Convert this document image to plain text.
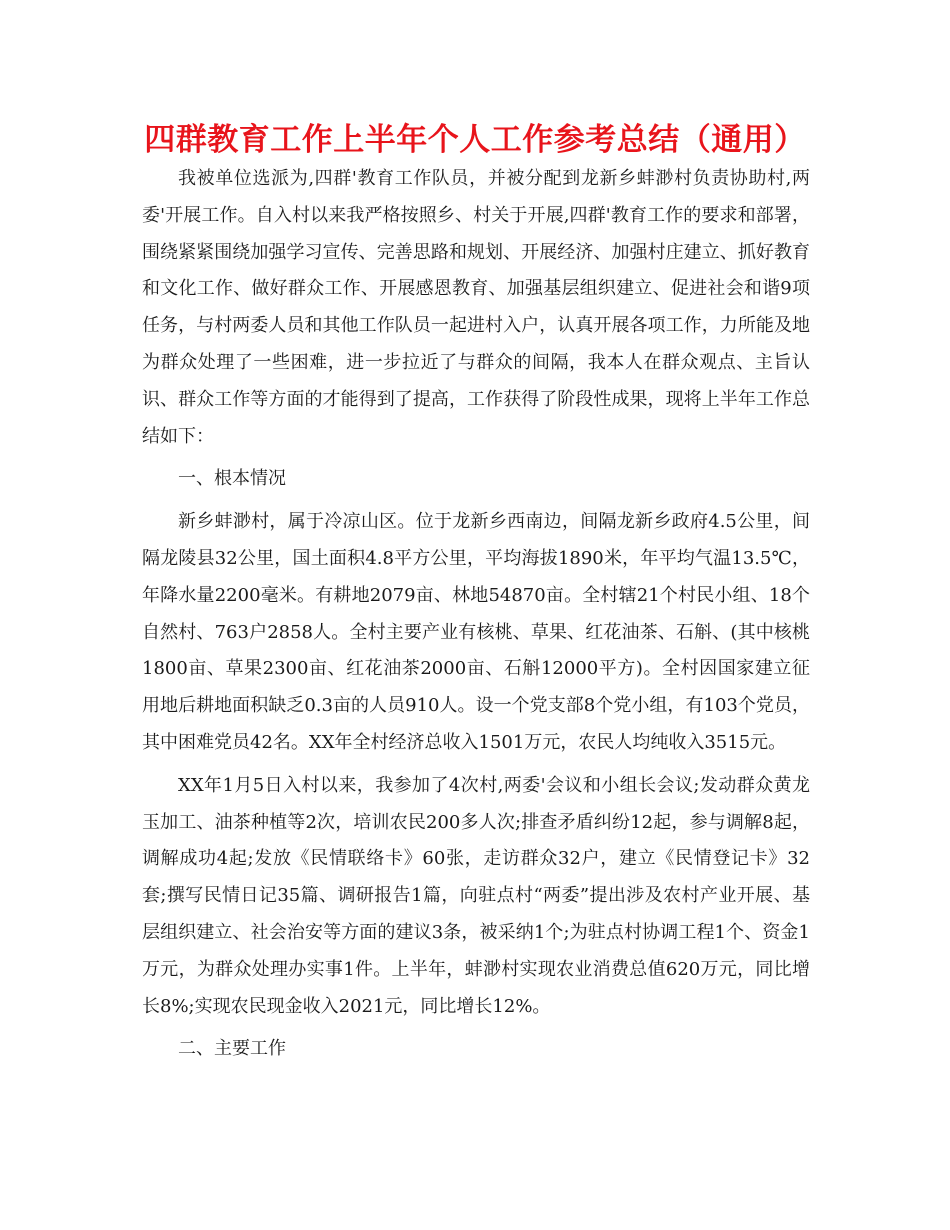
四群教育工作上半年个人工作参考总结（通用）

我被单位选派为,四群'教育工作队员，并被分配到龙新乡蚌渺村负责协助村,两委'开展工作。自入村以来我严格按照乡、村关于开展,四群'教育工作的要求和部署，围绕紧紧围绕加强学习宣传、完善思路和规划、开展经济、加强村庄建立、抓好教育和文化工作、做好群众工作、开展感恩教育、加强基层组织建立、促进社会和谐9项任务，与村两委人员和其他工作队员一起进村入户，认真开展各项工作，力所能及地为群众处理了一些困难，进一步拉近了与群众的间隔，我本人在群众观点、主旨认识、群众工作等方面的才能得到了提高，工作获得了阶段性成果，现将上半年工作总结如下：

一、根本情况

新乡蚌渺村，属于冷凉山区。位于龙新乡西南边，间隔龙新乡政府4.5公里，间隔龙陵县32公里，国土面积4.8平方公里，平均海拔1890米，年平均气温13.5℃，年降水量2200毫米。有耕地2079亩、林地54870亩。全村辖21个村民小组、18个自然村、763户2858人。全村主要产业有核桃、草果、红花油茶、石斛、(其中核桃1800亩、草果2300亩、红花油茶2000亩、石斛12000平方)。全村因国家建立征用地后耕地面积缺乏0.3亩的人员910人。设一个党支部8个党小组，有103个党员，其中困难党员42名。XX年全村经济总收入1501万元，农民人均纯收入3515元。

XX年1月5日入村以来，我参加了4次村,两委'会议和小组长会议;发动群众黄龙玉加工、油茶种植等2次，培训农民200多人次;排查矛盾纠纷12起，参与调解8起，调解成功4起;发放《民情联络卡》60张，走访群众32户，建立《民情登记卡》32套;撰写民情日记35篇、调研报告1篇，向驻点村“两委”提出涉及农村产业开展、基层组织建立、社会治安等方面的建议3条，被采纳1个;为驻点村协调工程1个、资金1万元，为群众处理办实事1件。上半年，蚌渺村实现农业消费总值620万元，同比增长8%;实现农民现金收入2021元，同比增长12%。

二、主要工作
